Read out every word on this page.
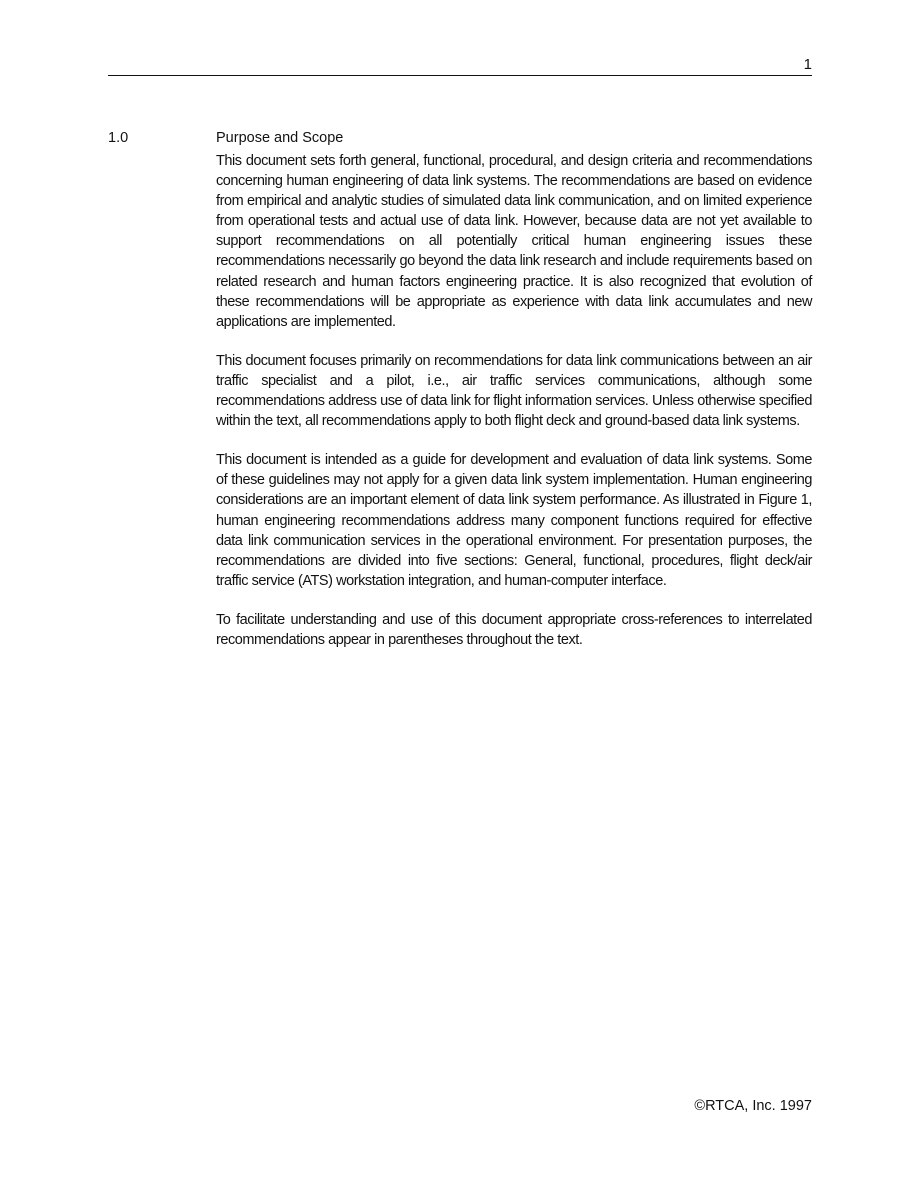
1
1.0	Purpose and Scope

This document sets forth general, functional, procedural, and design criteria and recommendations concerning human engineering of data link systems. The recommendations are based on evidence from empirical and analytic studies of simulated data link communication, and on limited experience from operational tests and actual use of data link. However, because data are not yet available to support recommendations on all potentially critical human engineering issues these recommendations necessarily go beyond the data link research and include requirements based on related research and human factors engineering practice. It is also recognized that evolution of these recommendations will be appropriate as experience with data link accumulates and new applications are implemented.

This document focuses primarily on recommendations for data link communications between an air traffic specialist and a pilot, i.e., air traffic services communications, although some recommendations address use of data link for flight information services. Unless otherwise specified within the text, all recommendations apply to both flight deck and ground-based data link systems.

This document is intended as a guide for development and evaluation of data link systems. Some of these guidelines may not apply for a given data link system implementation. Human engineering considerations are an important element of data link system performance. As illustrated in Figure 1, human engineering recommendations address many component functions required for effective data link communication services in the operational environment. For presentation purposes, the recommendations are divided into five sections: General, functional, procedures, flight deck/air traffic service (ATS) workstation integration, and human-computer interface.

To facilitate understanding and use of this document appropriate cross-references to interrelated recommendations appear in parentheses throughout the text.

©RTCA, Inc. 1997
